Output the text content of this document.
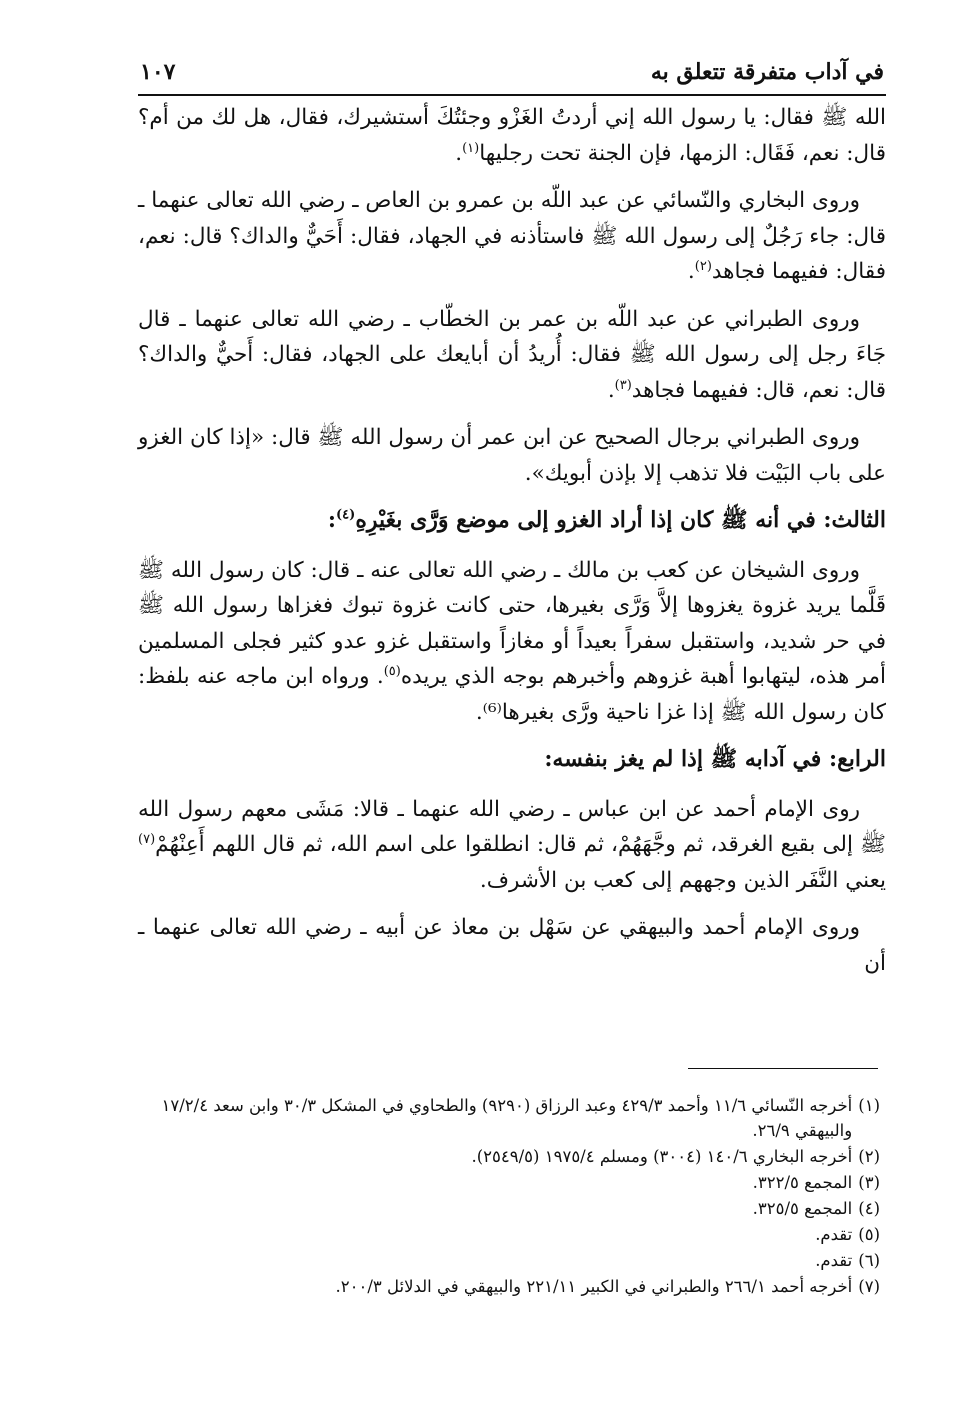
في آداب متفرقة تتعلق به
١٠٧

الله ﷺ فقال: يا رسول الله إني أردتُ الغَزْو وجئتُكَ أستشيرك، فقال، هل لك من أم؟ قال: نعم، فَقَال: الزمها، فإن الجنة تحت رجليها$^{(١)}$.

وروى البخاري والنّسائي عن عبد اللّه بن عمرو بن العاص ـ رضي الله تعالى عنهما ـ قال: جاء رَجُلٌ إلى رسول الله ﷺ فاستأذنه في الجهاد، فقال: أَحَيٌّ والداك؟ قال: نعم، فقال: ففيهما فجاهد$^{(٢)}$.

وروى الطبراني عن عبد اللّه بن عمر بن الخطّاب ـ رضي الله تعالى عنهما ـ قال جَاءَ رجل إلى رسول الله ﷺ فقال: أُريدُ أن أبايعك على الجهاد، فقال: أَحيٌّ والداك؟ قال: نعم، قال: ففيهما فجاهد$^{(٣)}$.

وروى الطبراني برجال الصحيح عن ابن عمر أن رسول الله ﷺ قال: «إذا كان الغزو على باب البَيْت فلا تذهب إلا بإذن أبويك».

الثالث: في أنه ﷺ كان إذا أراد الغزو إلى موضع وَرَّى بغَيْرِهِ$^{(٤)}$:

وروى الشيخان عن كعب بن مالك ـ رضي الله تعالى عنه ـ قال: كان رسول الله ﷺ قَلَّما يريد غزوة يغزوها إلاَّ وَرَّى بغيرها، حتى كانت غزوة تبوك فغزاها رسول الله ﷺ في حر شديد، واستقبل سفراً بعيداً أو مغازاً واستقبل غزو عدو كثير فجلى المسلمين أمر هذه، ليتهابوا أهبة غزوهم وأخبرهم بوجه الذي يريده$^{(٥)}$. ورواه ابن ماجه عنه بلفظ: كان رسول الله ﷺ إذا غزا ناحية ورَّى بغيرها⁽⁶⁾.

الرابع: في آدابه ﷺ إذا لم يغز بنفسه:

روى الإمام أحمد عن ابن عباس ـ رضي الله عنهما ـ قالا: مَشَى معهم رسول الله ﷺ إلى بقيع الغرقد، ثم وجَّهَهُمْ، ثم قال: انطلقوا على اسم الله، ثم قال اللهم أَعِنْهُمْ$^{(٧)}$ يعني النَّفَر الذين وجههم إلى كعب بن الأشرف.

وروى الإمام أحمد والبيهقي عن سَهْل بن معاذ عن أبيه ـ رضي الله تعالى عنهما ـ أن

(١)
أخرجه النّسائي ١١/٦ وأحمد ٤٢٩/٣ وعبد الرزاق (٩٢٩٠) والطحاوي في المشكل ٣٠/٣ وابن سعد ١٧/٢/٤ والبيهقي ٢٦/٩.
(٢)
أخرجه البخاري ١٤٠/٦ (٣٠٠٤) ومسلم ١٩٧٥/٤ (٢٥٤٩/٥).
(٣)
المجمع ٣٢٢/٥.
(٤)
المجمع ٣٢٥/٥.
(٥)
تقدم.
(٦)
تقدم.
(٧)
أخرجه أحمد ٢٦٦/١ والطبراني في الكبير ٢٢١/١١ والبيهقي في الدلائل ٢٠٠/٣.
